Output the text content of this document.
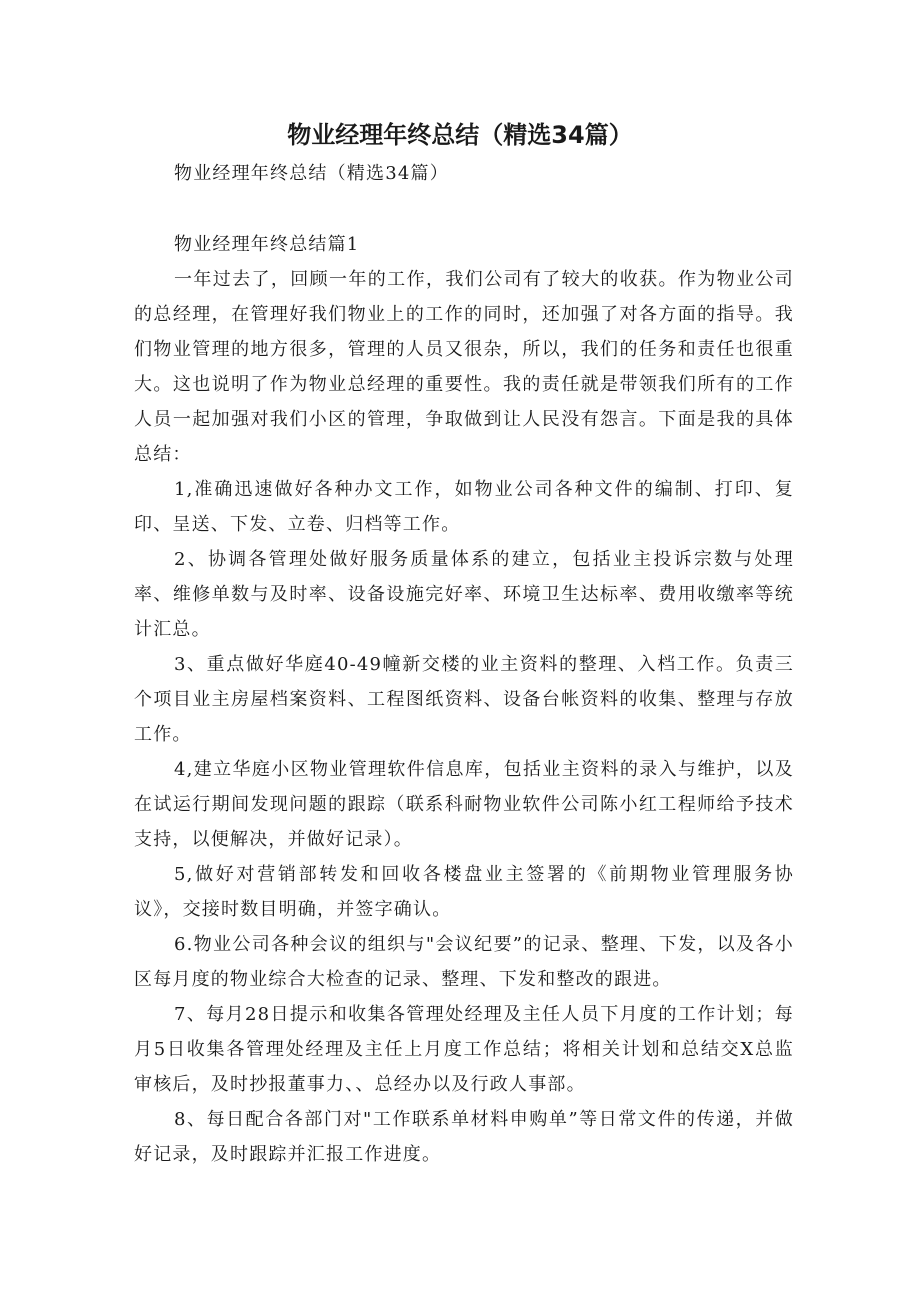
物业经理年终总结（精选34篇）

物业经理年终总结（精选34篇）

物业经理年终总结篇1

一年过去了，回顾一年的工作，我们公司有了较大的收获。作为物业公司的总经理，在管理好我们物业上的工作的同时，还加强了对各方面的指导。我们物业管理的地方很多，管理的人员又很杂，所以，我们的任务和责任也很重大。这也说明了作为物业总经理的重要性。我的责任就是带领我们所有的工作人员一起加强对我们小区的管理，争取做到让人民没有怨言。下面是我的具体总结：

1,准确迅速做好各种办文工作，如物业公司各种文件的编制、打印、复印、呈送、下发、立卷、归档等工作。

2、协调各管理处做好服务质量体系的建立，包括业主投诉宗数与处理率、维修单数与及时率、设备设施完好率、环境卫生达标率、费用收缴率等统计汇总。

3、重点做好华庭40-49幢新交楼的业主资料的整理、入档工作。负责三个项目业主房屋档案资料、工程图纸资料、设备台帐资料的收集、整理与存放工作。

4,建立华庭小区物业管理软件信息库，包括业主资料的录入与维护，以及在试运行期间发现问题的跟踪（联系科耐物业软件公司陈小红工程师给予技术支持，以便解决，并做好记录）。

5,做好对营销部转发和回收各楼盘业主签署的《前期物业管理服务协议》，交接时数目明确，并签字确认。

6.物业公司各种会议的组织与"会议纪要”的记录、整理、下发，以及各小区每月度的物业综合大检查的记录、整理、下发和整改的跟进。

7、每月28日提示和收集各管理处经理及主任人员下月度的工作计划；每月5日收集各管理处经理及主任上月度工作总结；将相关计划和总结交X总监审核后，及时抄报董事力、、总经办以及行政人事部。

8、每日配合各部门对"工作联系单材料申购单”等日常文件的传递，并做好记录，及时跟踪并汇报工作进度。
